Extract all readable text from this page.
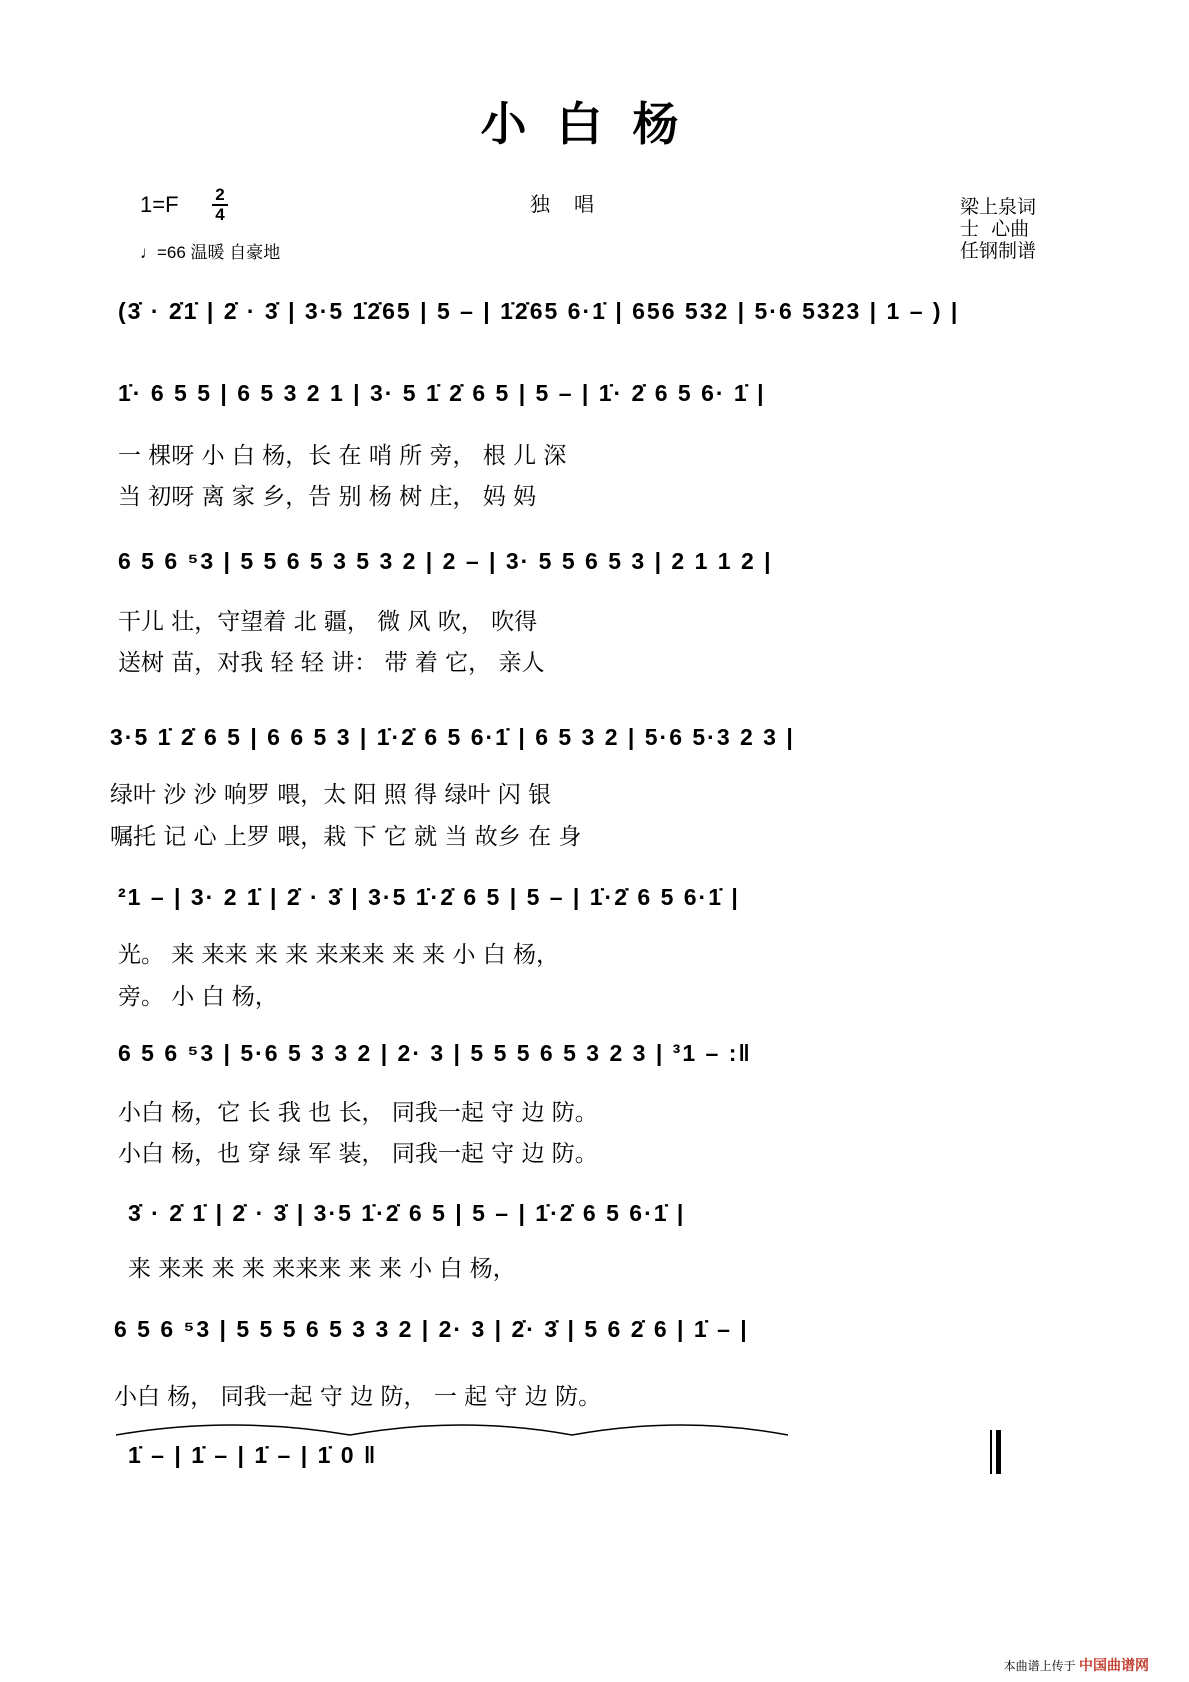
小白杨
1=F	2
4
♩=66 温暖 自豪地
独唱	梁上泉词
士  心曲
任钢制谱
(3̇ · 2̇1̇ | 2̇ · 3̇ | 3·5 1̇2̇65 | 5 – | 1̇2̇65 6·1̇ | 656 532 | 5·6 5323 | 1 – ) |
1̇· 6 5 5 | 6 5 3 2 1 | 3· 5 1̇ 2̇ 6 5 | 5 – | 1̇· 2̇ 6 5 6· 1̇ |
一 棵呀 小 白 杨，长 在 哨 所 旁， 根 儿 深
当 初呀 离 家 乡，告 别 杨 树 庄， 妈 妈
6 5 6 ⁵3 | 5 5 6 5 3 5 3 2 | 2 – | 3· 5 5 6 5 3 | 2 1 1 2 |
干儿 壮，守望着 北 疆， 微 风 吹， 吹得
送树 苗，对我 轻 轻 讲： 带 着 它， 亲人
3·5 1̇ 2̇ 6 5 | 6 6 5 3 | 1̇·2̇ 6 5 6·1̇ | 6 5 3 2 | 5·6 5·3 2 3 |
绿叶 沙 沙 响罗 喂，太 阳 照 得 绿叶 闪 银
嘱托 记 心 上罗 喂，栽 下 它 就 当 故乡 在 身
²1 – | 3· 2 1̇ | 2̇ · 3̇ | 3·5 1̇·2̇ 6 5 | 5 – | 1̇·2̇ 6 5 6·1̇ |
光。 来 来来 来 来 来来来 来 来 小 白 杨，
旁。 小 白 杨，
6 5 6 ⁵3 | 5·6 5 3 3 2 | 2· 3 | 5 5 5 6 5 3 2 3 | ³1 – :‖
小白 杨，它 长 我 也 长， 同我一起 守 边 防。
小白 杨，也 穿 绿 军 装， 同我一起 守 边 防。
3̇ · 2̇ 1̇ | 2̇ · 3̇ | 3·5 1̇·2̇ 6 5 | 5 – | 1̇·2̇ 6 5 6·1̇ |
来 来来 来 来 来来来 来 来 小 白 杨，
6 5 6 ⁵3 | 5 5 5 6 5 3 3 2 | 2· 3 | 2̇· 3̇ | 5 6 2̇ 6 | 1̇ – |
小白 杨， 同我一起 守 边 防， 一 起 守 边 防。
1̇ – | 1̇ – | 1̇ – | 1̇ 0 ‖
本曲谱上传于 中国曲谱网
